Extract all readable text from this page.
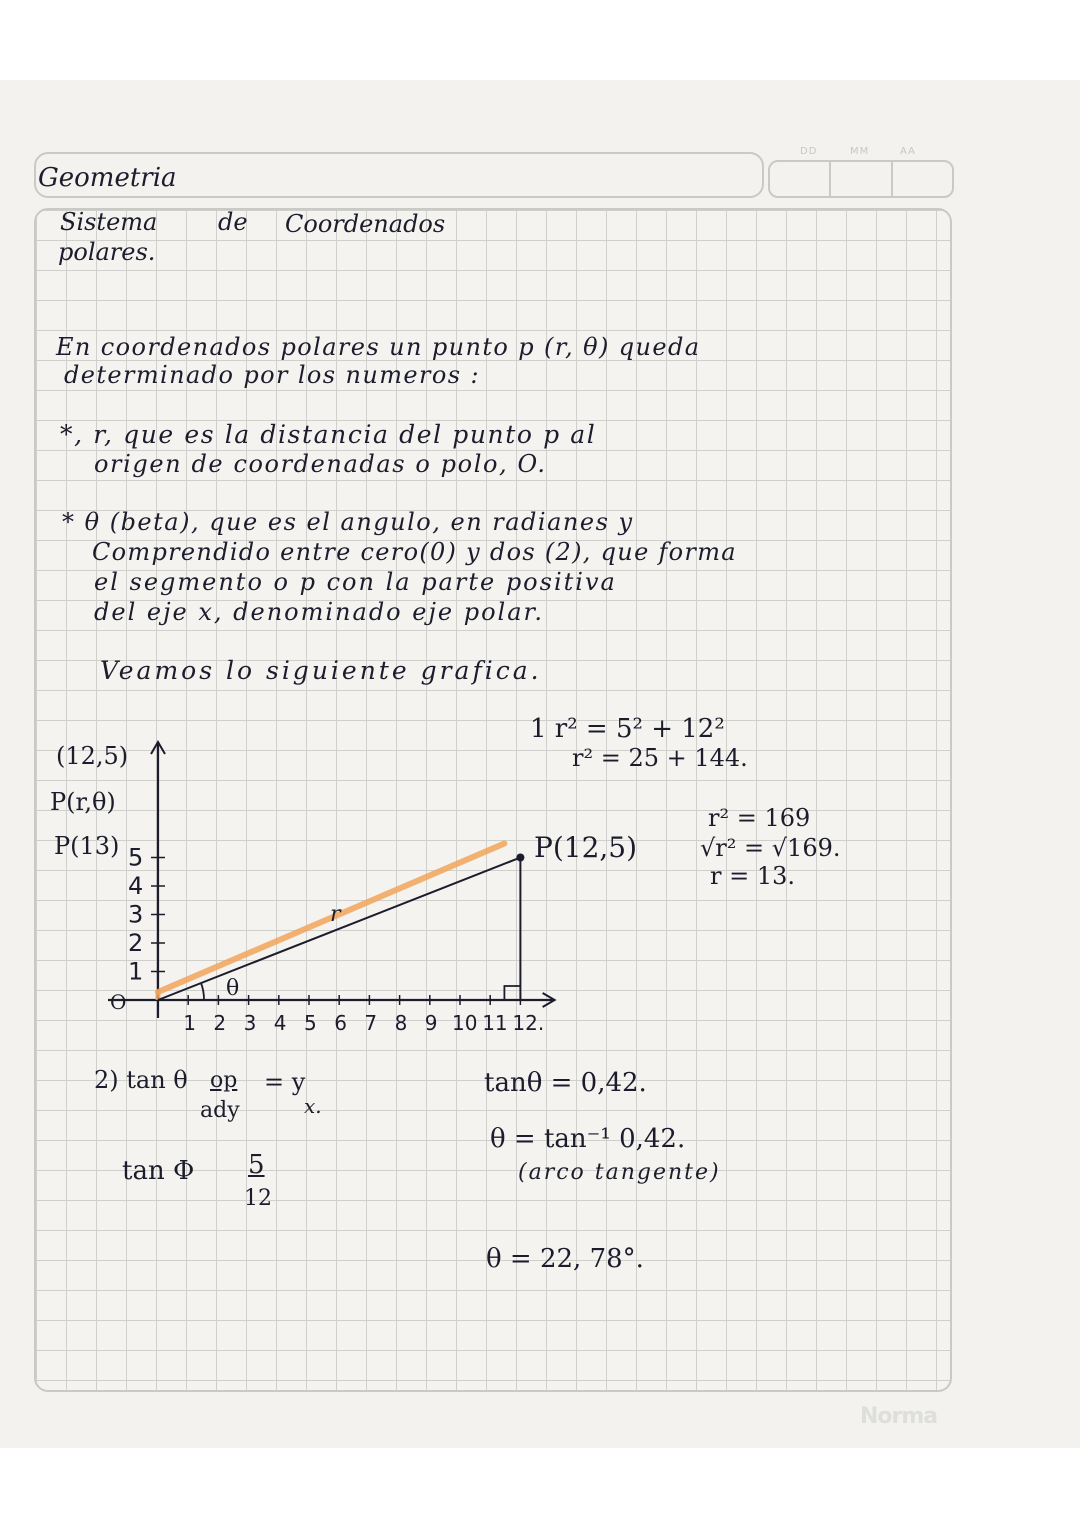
DD	MM	AA
Geometria
Sistema	de Coordenados
polares.
En coordenados polares un punto p (r, θ) queda
determinado por los numeros :
*, r, que es la distancia del punto p al
origen de coordenadas o polo, O.
* θ (beta), que es el angulo, en radianes y
Comprendido entre cero(0) y dos (2), que forma
el segmento o p con la parte positiva
del eje x, denominado eje polar.
Veamos lo siguiente grafica.
1 2 3 4 5 6 7 8 9 10 11 12.
1
2
3
4
5
(12,5)
P(r,θ)
P(13)	P(12,5)
r
θ
O
1 r² = 5² + 12²
r² = 25 + 144.
r² = 169
√r² = √169.
r = 13.
2) tan θ op
ady
= y
x.
tan Φ 5
12
tanθ = 0,42.
θ = tan⁻¹ 0,42.
(arco tangente)
θ = 22, 78°.
Norma
